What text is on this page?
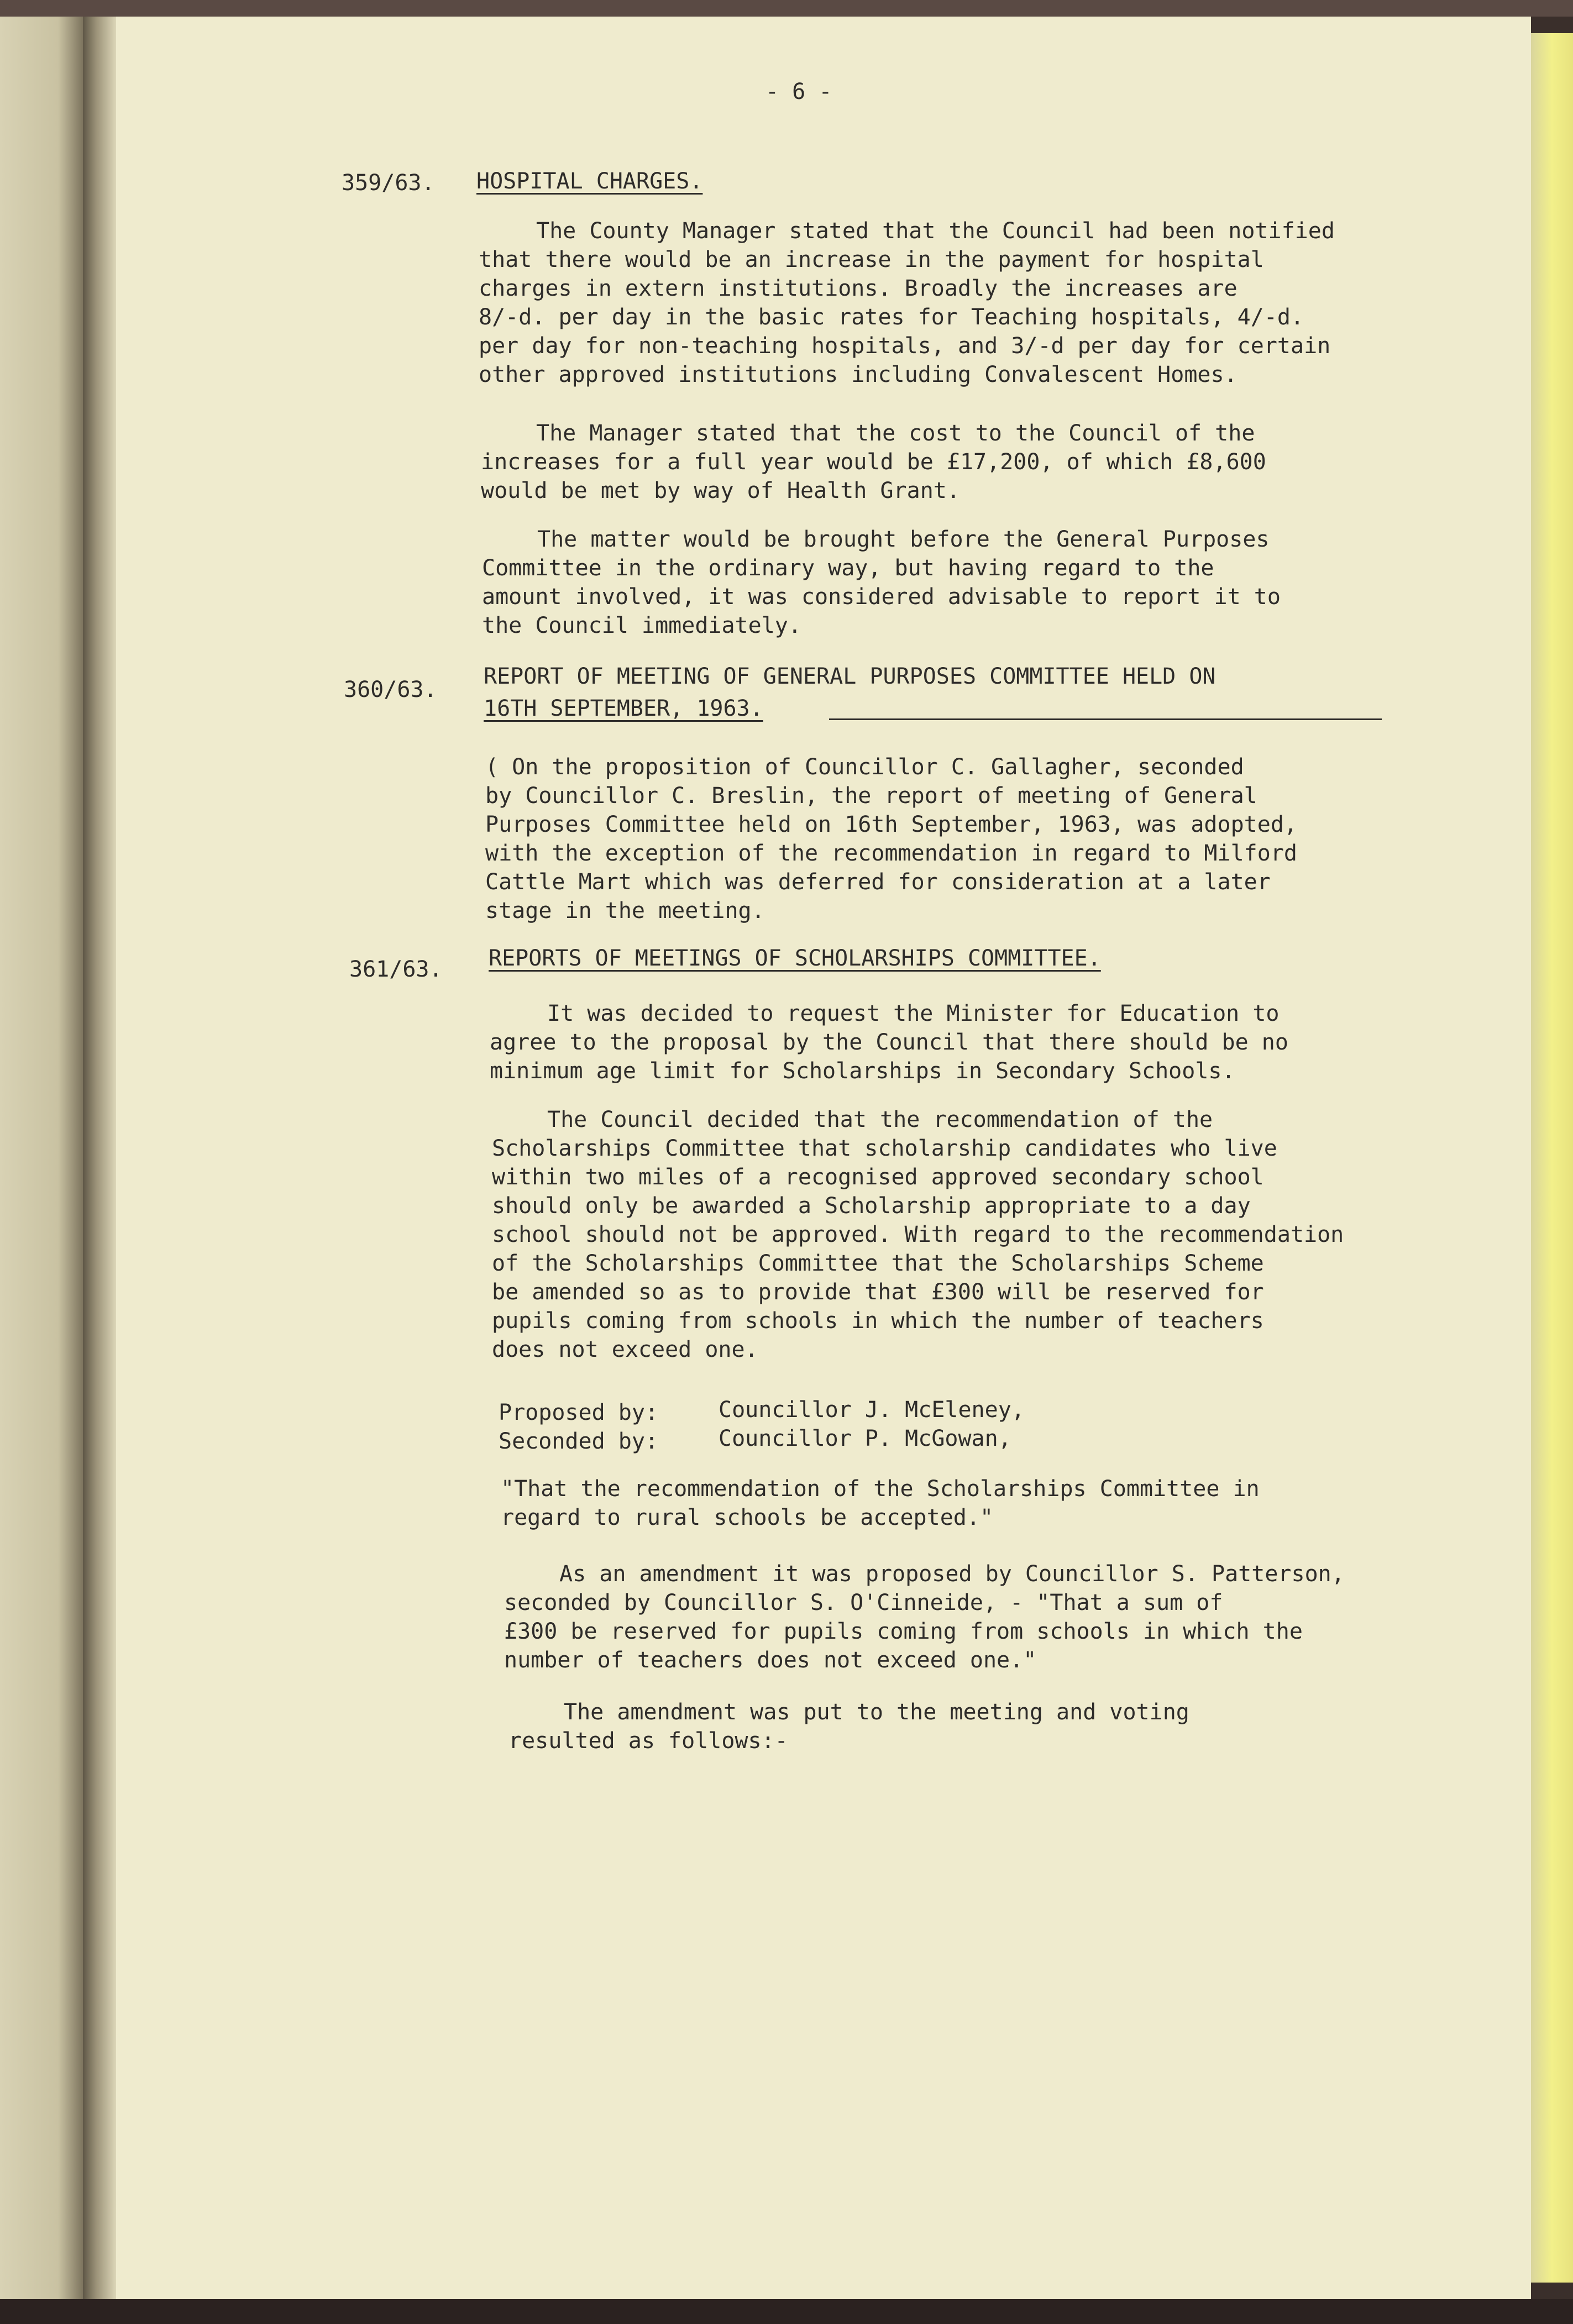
- 6 -
359/63. HOSPITAL CHARGES.
The County Manager stated that the Council had been notified
that there would be an increase in the payment for hospital
charges in extern institutions. Broadly the increases are
8/-d. per day in the basic rates for Teaching hospitals, 4/-d.
per day for non-teaching hospitals, and 3/-d per day for certain
other approved institutions including Convalescent Homes.
The Manager stated that the cost to the Council of the
increases for a full year would be £17,200, of which £8,600
would be met by way of Health Grant.
The matter would be brought before the General Purposes
Committee in the ordinary way, but having regard to the
amount involved, it was considered advisable to report it to
the Council immediately.
360/63.
REPORT OF MEETING OF GENERAL PURPOSES COMMITTEE HELD ON
16TH SEPTEMBER, 1963.
( On the proposition of Councillor C. Gallagher, seconded
by Councillor C. Breslin, the report of meeting of General
Purposes Committee held on 16th September, 1963, was adopted,
with the exception of the recommendation in regard to Milford
Cattle Mart which was deferred for consideration at a later
stage in the meeting.
361/63. REPORTS OF MEETINGS OF SCHOLARSHIPS COMMITTEE.
It was decided to request the Minister for Education to
agree to the proposal by the Council that there should be no
minimum age limit for Scholarships in Secondary Schools.
The Council decided that the recommendation of the
Scholarships Committee that scholarship candidates who live
within two miles of a recognised approved secondary school
should only be awarded a Scholarship appropriate to a day
school should not be approved. With regard to the recommendation
of the Scholarships Committee that the Scholarships Scheme
be amended so as to provide that £300 will be reserved for
pupils coming from schools in which the number of teachers
does not exceed one.
Proposed by:	Councillor J. McEleney,
Seconded by:	Councillor P. McGowan,
"That the recommendation of the Scholarships Committee in
regard to rural schools be accepted."
As an amendment it was proposed by Councillor S. Patterson,
seconded by Councillor S. O'Cinneide, - "That a sum of
£300 be reserved for pupils coming from schools in which the
number of teachers does not exceed one."
The amendment was put to the meeting and voting
resulted as follows:-
